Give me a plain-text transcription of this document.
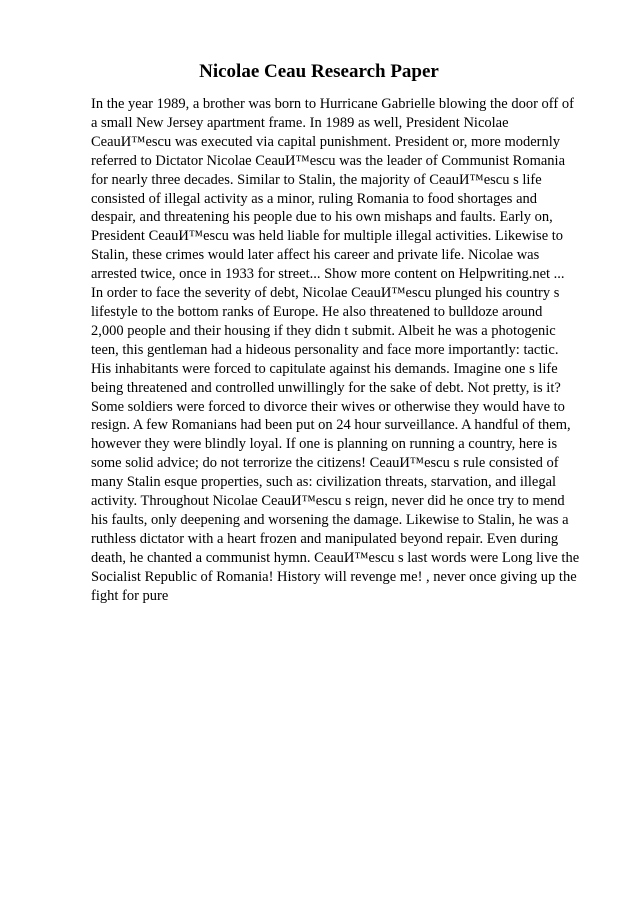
Nicolae Ceau Research Paper
In the year 1989, a brother was born to Hurricane Gabrielle blowing the door off of
a small New Jersey apartment frame. In 1989 as well, President Nicolae
CeauИ™escu was executed via capital punishment. President or, more modernly
referred to Dictator Nicolae CeauИ™escu was the leader of Communist Romania
for nearly three decades. Similar to Stalin, the majority of CeauИ™escu s life
consisted of illegal activity as a minor, ruling Romania to food shortages and
despair, and threatening his people due to his own mishaps and faults. Early on,
President CeauИ™escu was held liable for multiple illegal activities. Likewise to
Stalin, these crimes would later affect his career and private life. Nicolae was
arrested twice, once in 1933 for street... Show more content on Helpwriting.net ...
In order to face the severity of debt, Nicolae CeauИ™escu plunged his country s
lifestyle to the bottom ranks of Europe. He also threatened to bulldoze around
2,000 people and their housing if they didn t submit. Albeit he was a photogenic
teen, this gentleman had a hideous personality and face more importantly: tactic.
His inhabitants were forced to capitulate against his demands. Imagine one s life
being threatened and controlled unwillingly for the sake of debt. Not pretty, is it?
Some soldiers were forced to divorce their wives or otherwise they would have to
resign. A few Romanians had been put on 24 hour surveillance. A handful of them,
however they were blindly loyal. If one is planning on running a country, here is
some solid advice; do not terrorize the citizens! CeauИ™escu s rule consisted of
many Stalin esque properties, such as: civilization threats, starvation, and illegal
activity. Throughout Nicolae CeauИ™escu s reign, never did he once try to mend
his faults, only deepening and worsening the damage. Likewise to Stalin, he was a
ruthless dictator with a heart frozen and manipulated beyond repair. Even during
death, he chanted a communist hymn. CeauИ™escu s last words were Long live the
Socialist Republic of Romania! History will revenge me! , never once giving up the
fight for pure
